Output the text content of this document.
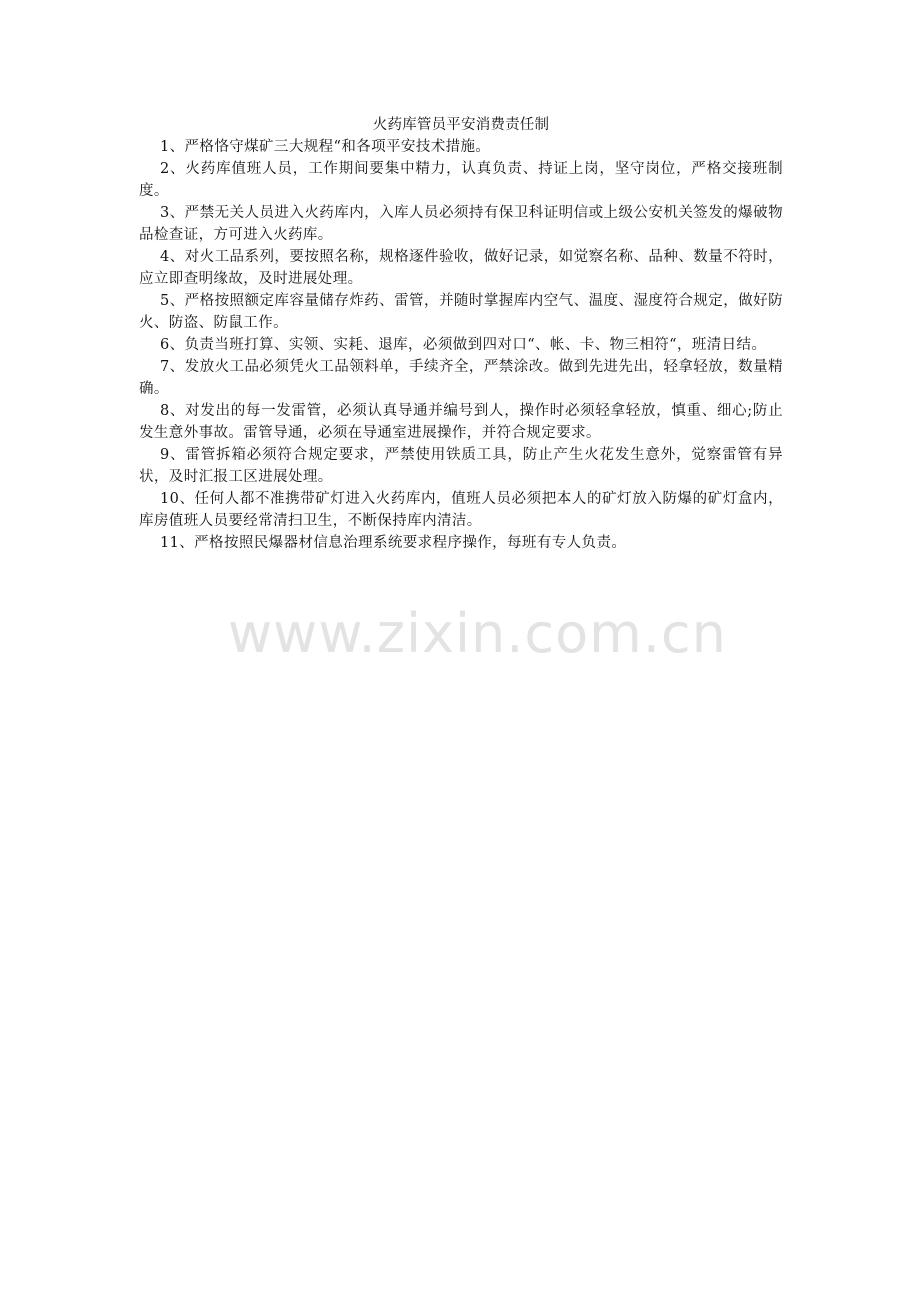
火药库管员平安消费责任制

1、严格恪守煤矿三大规程“和各项平安技术措施。

2、火药库值班人员，工作期间要集中精力，认真负责、持证上岗，坚守岗位，严格交接班制度。

3、严禁无关人员进入火药库内，入库人员必须持有保卫科证明信或上级公安机关签发的爆破物品检查证，方可进入火药库。

4、对火工品系列，要按照名称，规格逐件验收，做好记录，如觉察名称、品种、数量不符时，应立即查明缘故，及时进展处理。

5、严格按照额定库容量储存炸药、雷管，并随时掌握库内空气、温度、湿度符合规定，做好防火、防盗、防鼠工作。

6、负责当班打算、实领、实耗、退库，必须做到四对口“、帐、卡、物三相符“，班清日结。

7、发放火工品必须凭火工品领料单，手续齐全，严禁涂改。做到先进先出，轻拿轻放，数量精确。

8、对发出的每一发雷管，必须认真导通并编号到人，操作时必须轻拿轻放，慎重、细心;防止发生意外事故。雷管导通，必须在导通室进展操作，并符合规定要求。

9、雷管拆箱必须符合规定要求，严禁使用铁质工具，防止产生火花发生意外，觉察雷管有异状，及时汇报工区进展处理。

10、任何人都不准携带矿灯进入火药库内，值班人员必须把本人的矿灯放入防爆的矿灯盒内，库房值班人员要经常清扫卫生，不断保持库内清洁。

11、严格按照民爆器材信息治理系统要求程序操作，每班有专人负责。

www.zixin.com.cn
